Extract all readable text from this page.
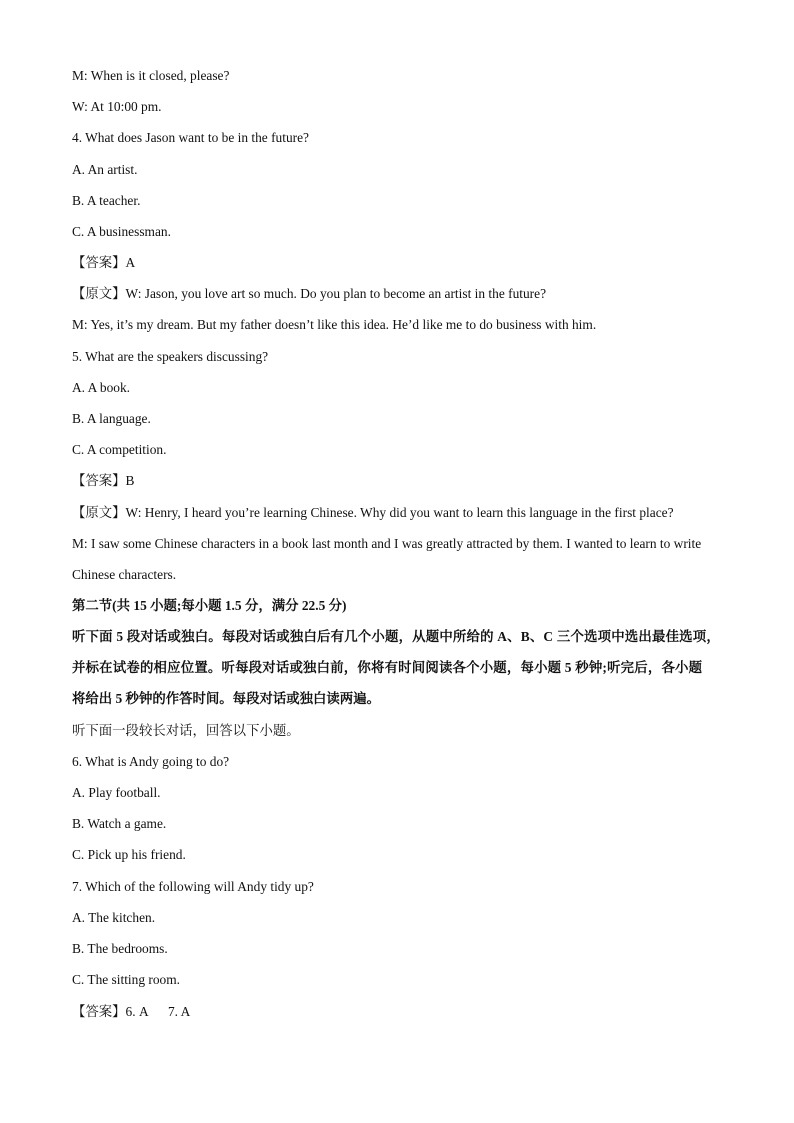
M: When is it closed, please?
W: At 10:00 pm.
4. What does Jason want to be in the future?
A. An artist.
B. A teacher.
C. A businessman.
【答案】A
【原文】W: Jason, you love art so much. Do you plan to become an artist in the future?
M: Yes, it’s my dream. But my father doesn’t like this idea. He’d like me to do business with him.
5. What are the speakers discussing?
A. A book.
B. A language.
C. A competition.
【答案】B
【原文】W: Henry, I heard you’re learning Chinese. Why did you want to learn this language in the first place?
M: I saw some Chinese characters in a book last month and I was greatly attracted by them. I wanted to learn to write
Chinese characters.
第二节(共 15 小题;每小题 1.5 分，满分 22.5 分)
听下面 5 段对话或独白。每段对话或独白后有几个小题，从题中所给的 A、B、C 三个选项中选出最佳选项，
并标在试卷的相应位置。听每段对话或独白前，你将有时间阅读各个小题，每小题 5 秒钟;听完后，各小题
将给出 5 秒钟的作答时间。每段对话或独白读两遍。
听下面一段较长对话，回答以下小题。
6. What is Andy going to do?
A. Play football.
B. Watch a game.
C. Pick up his friend.
7. Which of the following will Andy tidy up?
A. The kitchen.
B. The bedrooms.
C. The sitting room.
【答案】6. A      7. A
